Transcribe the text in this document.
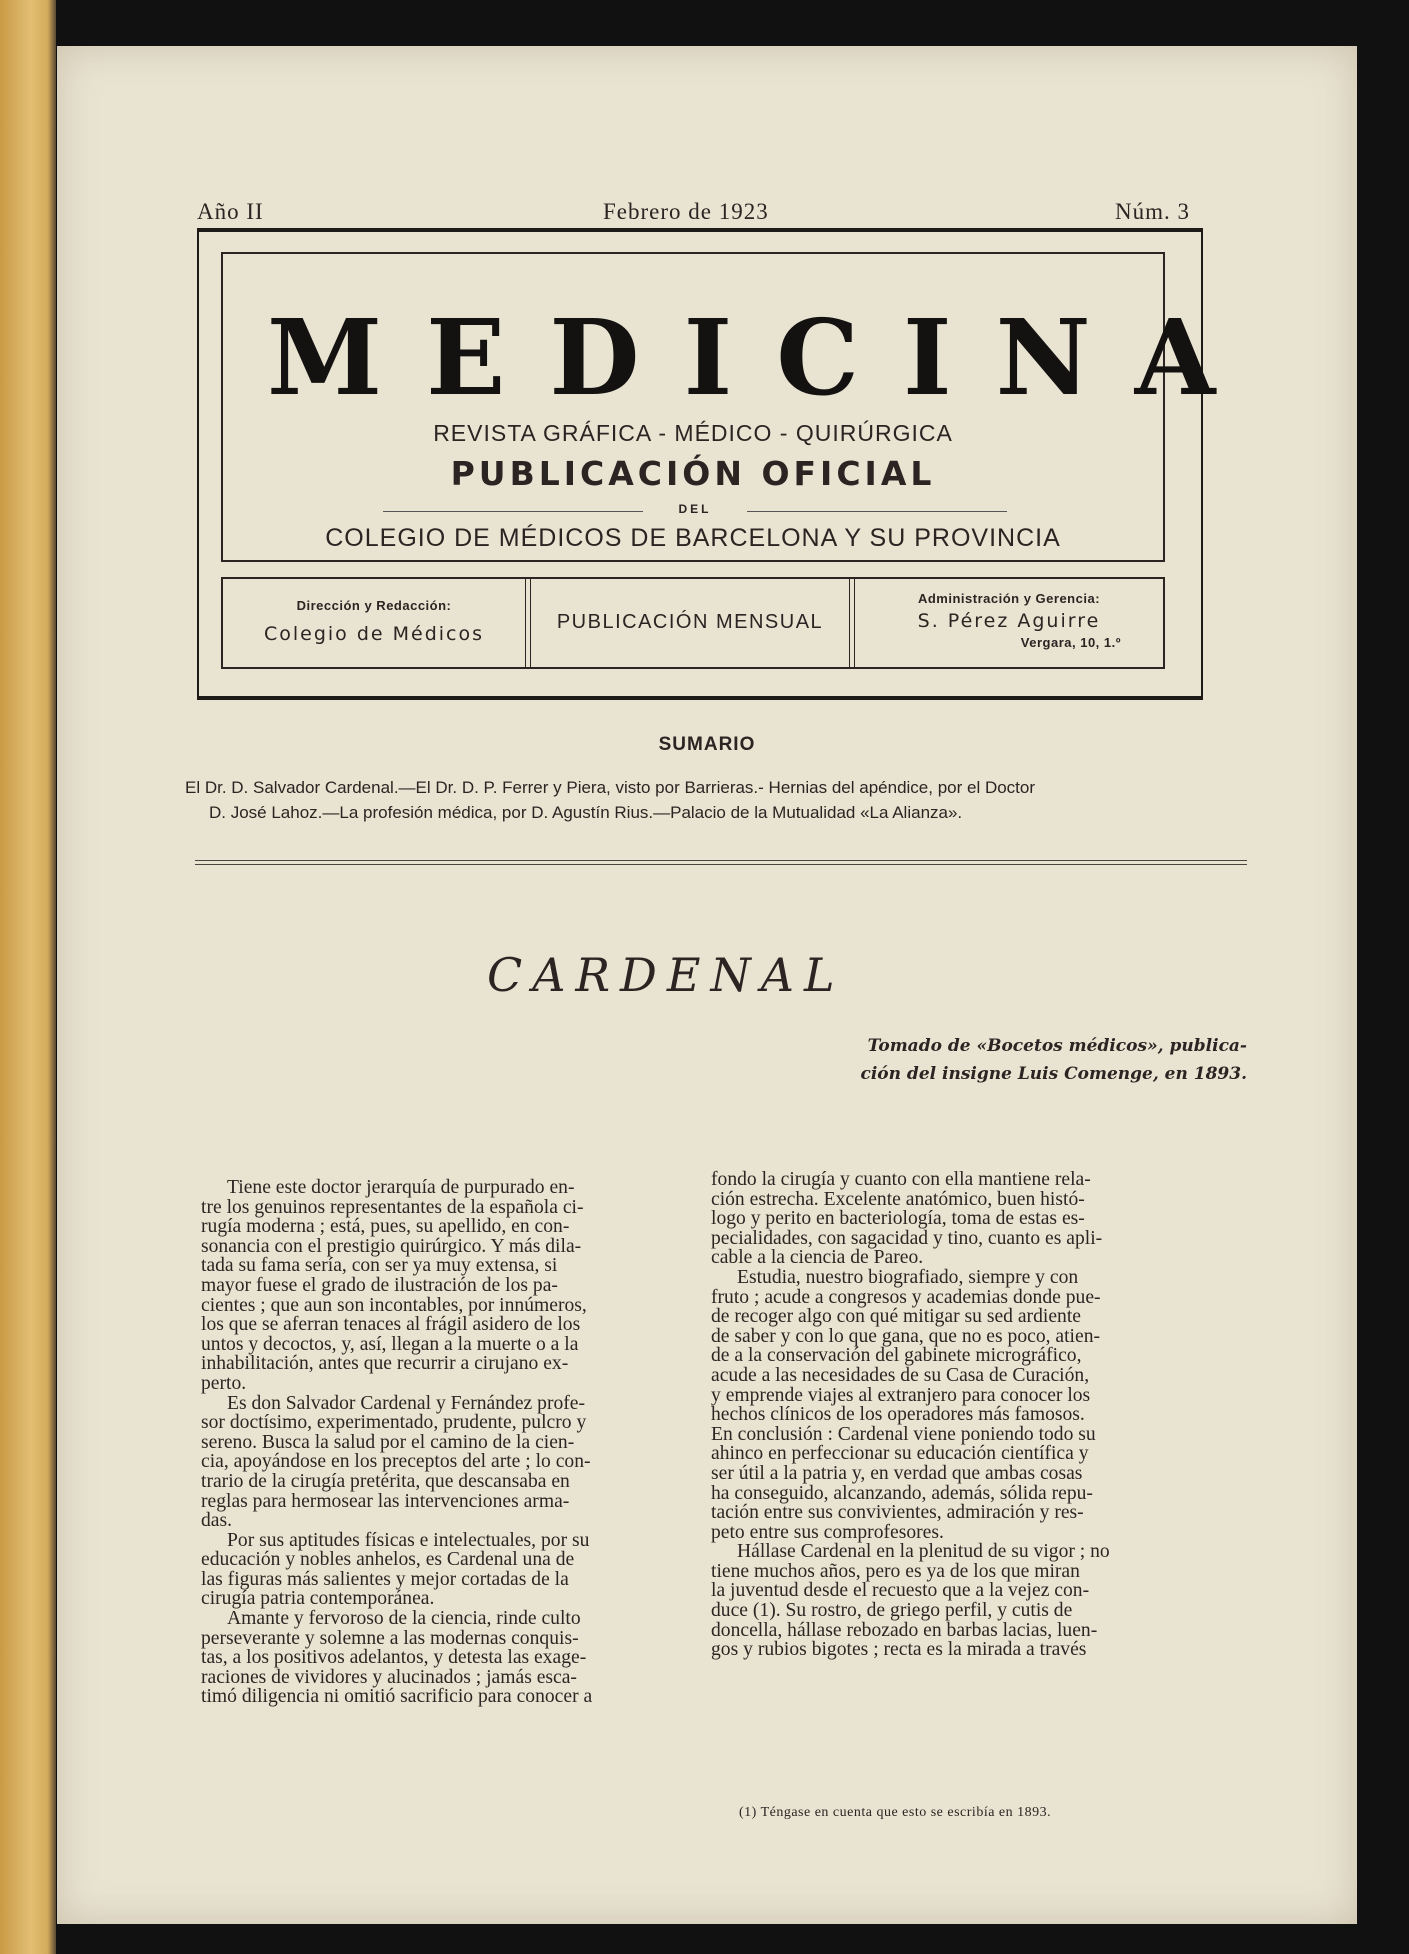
Año II	Febrero de 1923	Núm. 3
MEDICINA
REVISTA GRÁFICA - MÉDICO - QUIRÚRGICA
PUBLICACIÓN OFICIAL
DEL
COLEGIO DE MÉDICOS DE BARCELONA Y SU PROVINCIA
Dirección y Redacción:
Colegio de Médicos
PUBLICACIÓN MENSUAL
Administración y Gerencia:
S. Pérez Aguirre
Vergara, 10, 1.º
SUMARIO
El Dr. D. Salvador Cardenal.—El Dr. D. P. Ferrer y Piera, visto por Barrieras.- Hernias del apéndice, por el Doctor
D. José Lahoz.—La profesión médica, por D. Agustín Rius.—Palacio de la Mutualidad «La Alianza».
CARDENAL
Tomado de «Bocetos médicos», publica-
ción del insigne Luis Comenge, en 1893.

Tiene este doctor jerarquía de purpurado en-

tre los genuinos representantes de la española ci-

rugía moderna ; está, pues, su apellido, en con-

sonancia con el prestigio quirúrgico. Y más dila-

tada su fama sería, con ser ya muy extensa, si

mayor fuese el grado de ilustración de los pa-

cientes ; que aun son incontables, por innúmeros,

los que se aferran tenaces al frágil asidero de los

untos y decoctos, y, así, llegan a la muerte o a la

inhabilitación, antes que recurrir a cirujano ex-

perto.

Es don Salvador Cardenal y Fernández profe-

sor doctísimo, experimentado, prudente, pulcro y

sereno. Busca la salud por el camino de la cien-

cia, apoyándose en los preceptos del arte ; lo con-

trario de la cirugía pretérita, que descansaba en

reglas para hermosear las intervenciones arma-

das.

Por sus aptitudes físicas e intelectuales, por su

educación y nobles anhelos, es Cardenal una de

las figuras más salientes y mejor cortadas de la

cirugía patria contemporánea.

Amante y fervoroso de la ciencia, rinde culto

perseverante y solemne a las modernas conquis-

tas, a los positivos adelantos, y detesta las exage-

raciones de vividores y alucinados ; jamás esca-

timó diligencia ni omitió sacrificio para conocer a

fondo la cirugía y cuanto con ella mantiene rela-

ción estrecha. Excelente anatómico, buen histó-

logo y perito en bacteriología, toma de estas es-

pecialidades, con sagacidad y tino, cuanto es apli-

cable a la ciencia de Pareo.

Estudia, nuestro biografiado, siempre y con

fruto ; acude a congresos y academias donde pue-

de recoger algo con qué mitigar su sed ardiente

de saber y con lo que gana, que no es poco, atien-

de a la conservación del gabinete micrográfico,

acude a las necesidades de su Casa de Curación,

y emprende viajes al extranjero para conocer los

hechos clínicos de los operadores más famosos.

En conclusión : Cardenal viene poniendo todo su

ahinco en perfeccionar su educación científica y

ser útil a la patria y, en verdad que ambas cosas

ha conseguido, alcanzando, además, sólida repu-

tación entre sus convivientes, admiración y res-

peto entre sus comprofesores.

Hállase Cardenal en la plenitud de su vigor ; no

tiene muchos años, pero es ya de los que miran

la juventud desde el recuesto que a la vejez con-

duce (1). Su rostro, de griego perfil, y cutis de

doncella, hállase rebozado en barbas lacias, luen-

gos y rubios bigotes ; recta es la mirada a través

(1) Téngase en cuenta que esto se escribía en 1893.
